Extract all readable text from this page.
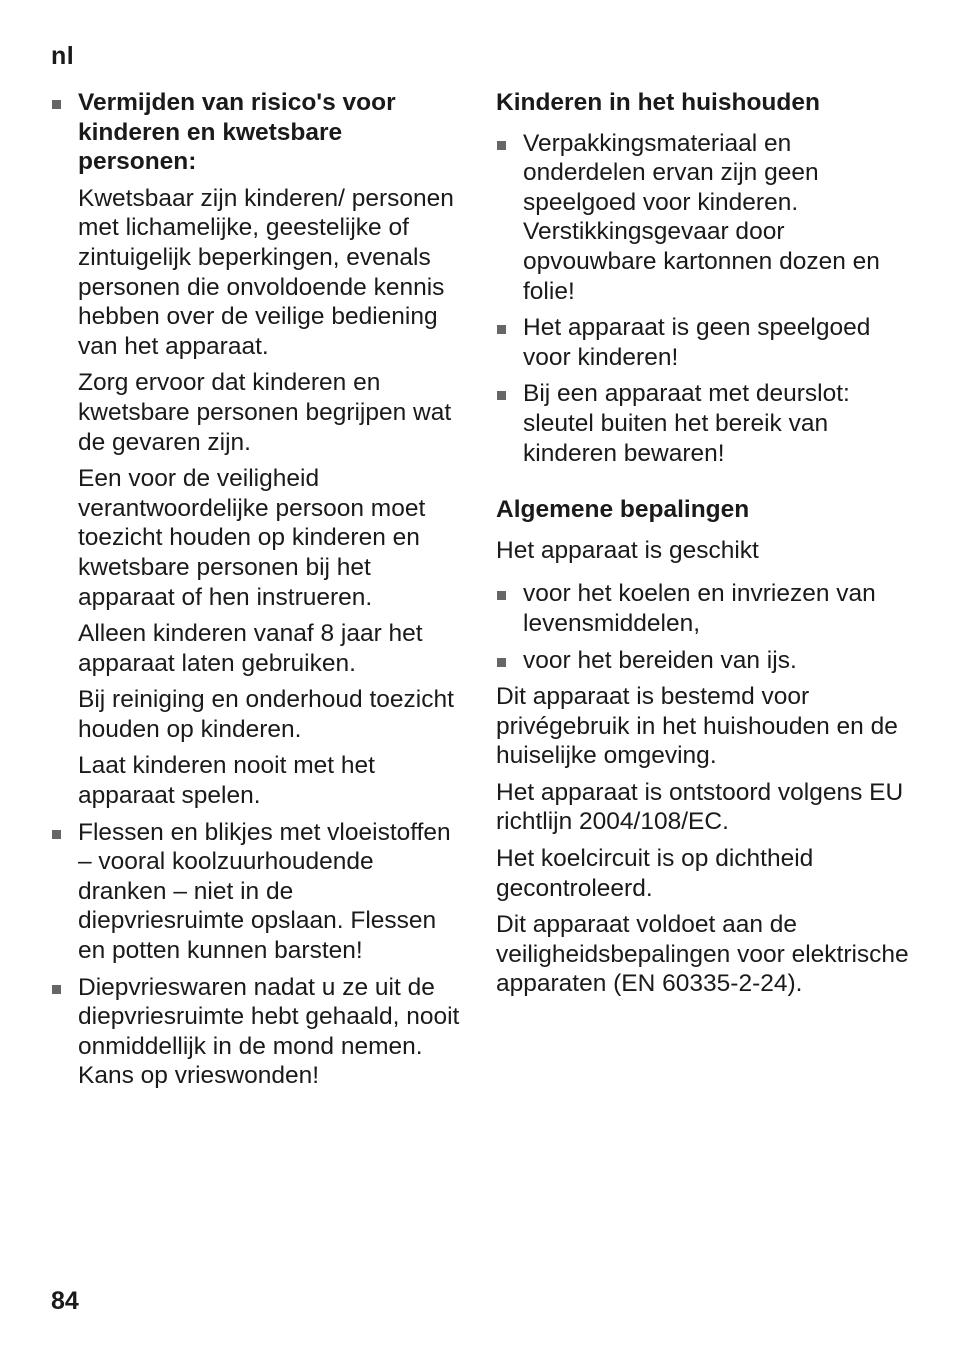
nl
Vermijden van risico's voor kinderen en kwetsbare personen:
Kwetsbaar zijn kinderen/ personen met lichamelijke, geestelijke of zintuigelijk beperkingen, evenals personen die onvoldoende kennis hebben over de veilige bediening van het apparaat.
Zorg ervoor dat kinderen en kwetsbare personen begrijpen wat de gevaren zijn.
Een voor de veiligheid verantwoordelijke persoon moet toezicht houden op kinderen en kwetsbare personen bij het apparaat of hen instrueren.
Alleen kinderen vanaf 8 jaar het apparaat laten gebruiken.
Bij reiniging en onderhoud toezicht houden op kinderen.
Laat kinderen nooit met het apparaat spelen.
Flessen en blikjes met vloeistoffen – vooral koolzuurhoudende dranken – niet in de diepvriesruimte opslaan. Flessen en potten kunnen barsten!
Diepvrieswaren nadat u ze uit de diepvriesruimte hebt gehaald, nooit onmiddellijk in de mond nemen.
Kans op vrieswonden!
Kinderen in het huishouden
Verpakkingsmateriaal en onderdelen ervan zijn geen speelgoed voor kinderen. Verstikkingsgevaar door opvouwbare kartonnen dozen en folie!
Het apparaat is geen speelgoed voor kinderen!
Bij een apparaat met deurslot: sleutel buiten het bereik van kinderen bewaren!
Algemene bepalingen
Het apparaat is geschikt
voor het koelen en invriezen van levensmiddelen,
voor het bereiden van ijs.
Dit apparaat is bestemd voor privégebruik in het huishouden en de huiselijke omgeving.
Het apparaat is ontstoord volgens EU richtlijn 2004/108/EC.
Het koelcircuit is op dichtheid gecontroleerd.
Dit apparaat voldoet aan de veiligheidsbepalingen voor elektrische apparaten (EN 60335-2-24).
84
